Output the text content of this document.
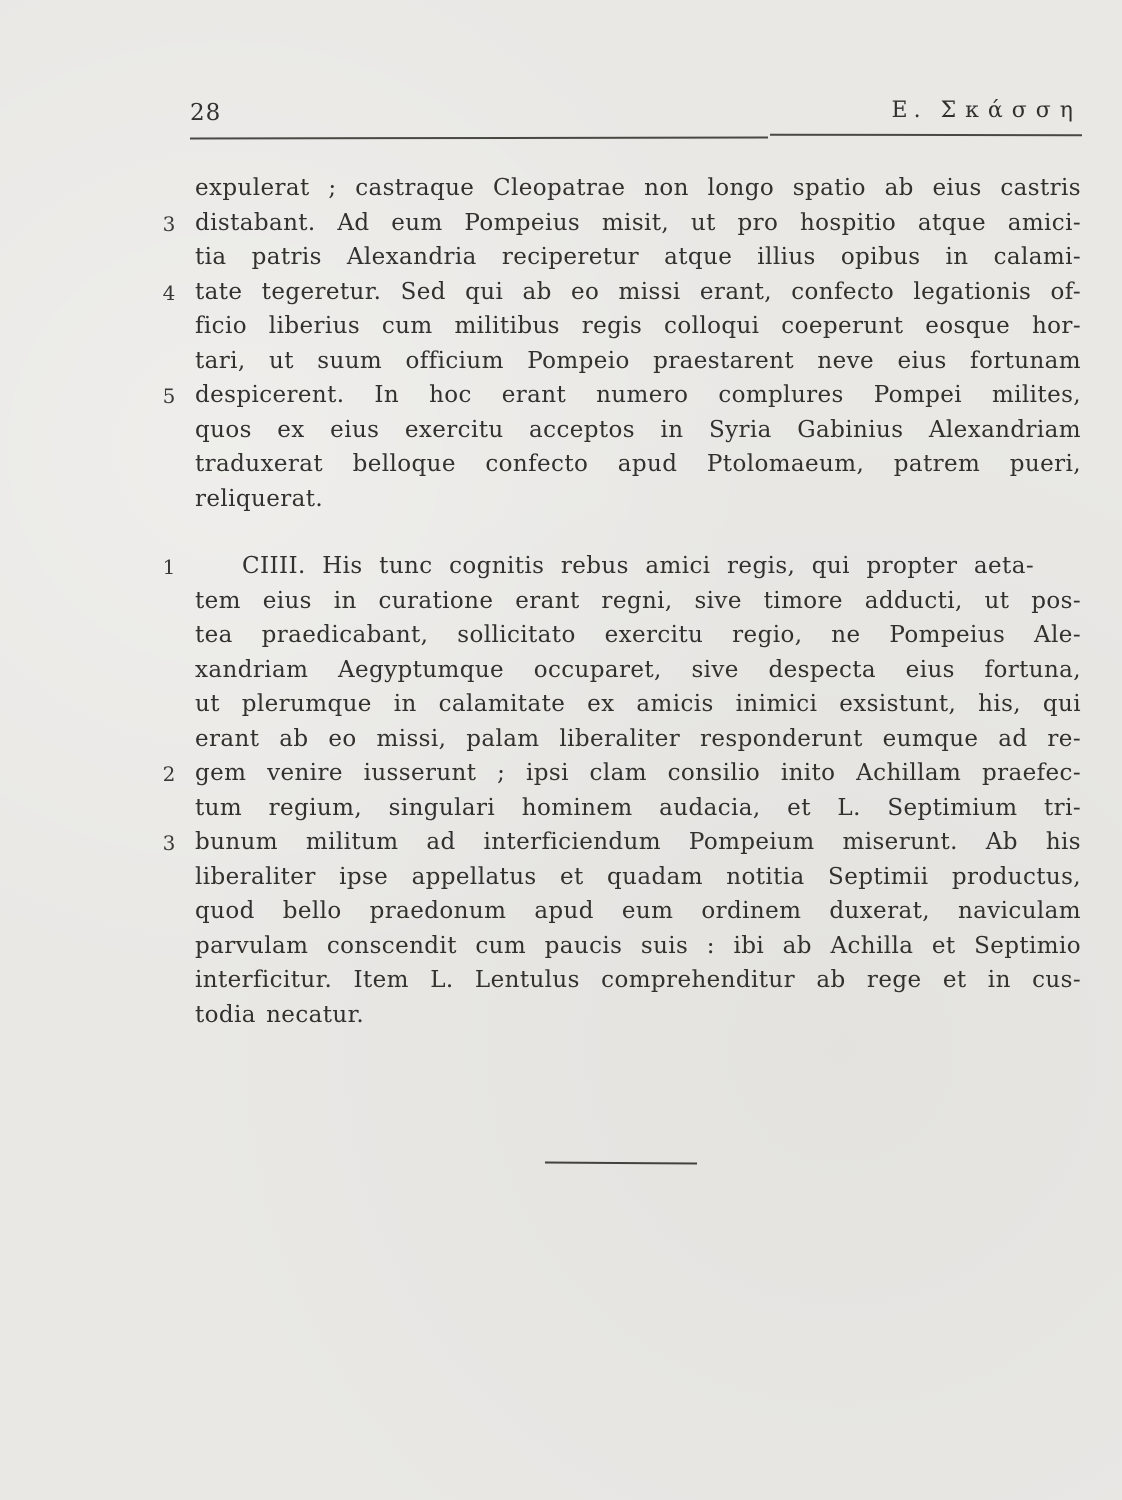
28	Ε. Σκάσση
expulerat ; castraque Cleopatrae non longo spatio ab eius castris
3 distabant. Ad eum Pompeius misit, ut pro hospitio atque amici-
tia patris Alexandria reciperetur atque illius opibus in calami-
4 tate tegeretur. Sed qui ab eo missi erant, confecto legationis of-
ficio liberius cum militibus regis colloqui coeperunt eosque hor-
tari, ut suum officium Pompeio praestarent neve eius fortunam
5 despicerent. In hoc erant numero complures Pompei milites,
quos ex eius exercitu acceptos in Syria Gabinius Alexandriam
traduxerat belloque confecto apud Ptolomaeum, patrem pueri,
reliquerat.
1	CIIII. His tunc cognitis rebus amici regis, qui propter aeta-
tem eius in curatione erant regni, sive timore adducti, ut pos-
tea praedicabant, sollicitato exercitu regio, ne Pompeius Ale-
xandriam Aegyptumque occuparet, sive despecta eius fortuna,
ut plerumque in calamitate ex amicis inimici exsistunt, his, qui
erant ab eo missi, palam liberaliter responderunt eumque ad re-
2 gem venire iusserunt ; ipsi clam consilio inito Achillam praefec-
tum regium, singulari hominem audacia, et L. Septimium tri-
3 bunum militum ad interficiendum Pompeium miserunt. Ab his
liberaliter ipse appellatus et quadam notitia Septimii productus,
quod bello praedonum apud eum ordinem duxerat, naviculam
parvulam conscendit cum paucis suis : ibi ab Achilla et Septimio
interficitur. Item L. Lentulus comprehenditur ab rege et in cus-
todia necatur.
